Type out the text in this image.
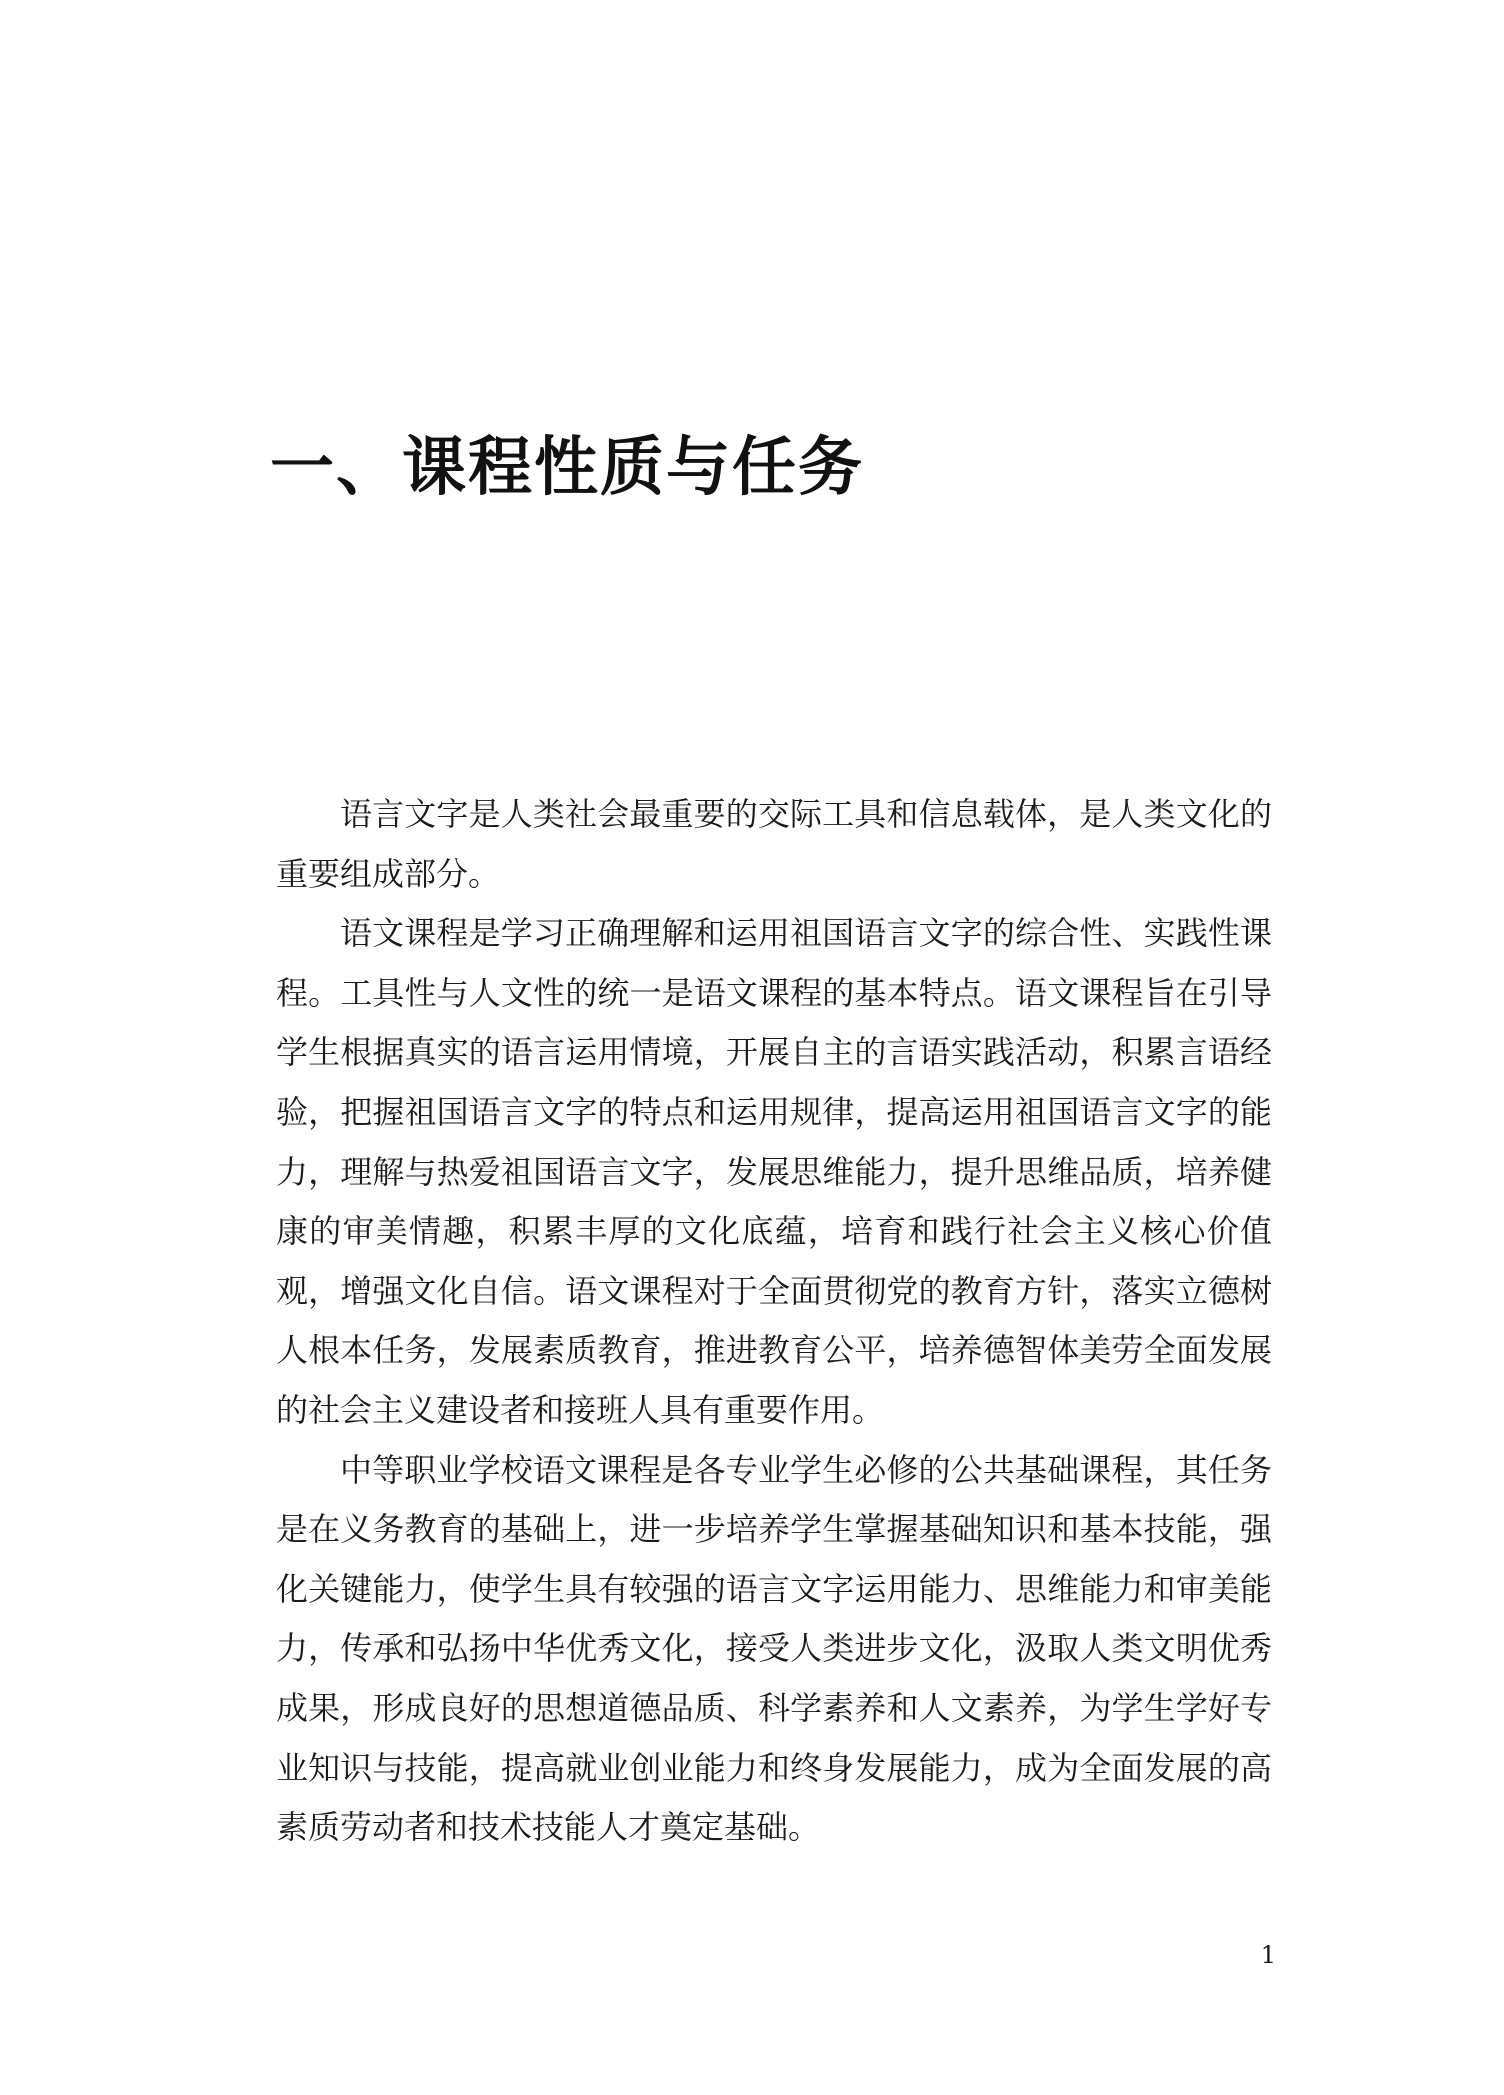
一、课程性质与任务

语言文字是人类社会最重要的交际工具和信息载体，是人类文化的重要组成部分。

语文课程是学习正确理解和运用祖国语言文字的综合性、实践性课程。工具性与人文性的统一是语文课程的基本特点。语文课程旨在引导学生根据真实的语言运用情境，开展自主的言语实践活动，积累言语经验，把握祖国语言文字的特点和运用规律，提高运用祖国语言文字的能力，理解与热爱祖国语言文字，发展思维能力，提升思维品质，培养健康的审美情趣，积累丰厚的文化底蕴，培育和践行社会主义核心价值观，增强文化自信。语文课程对于全面贯彻党的教育方针，落实立德树人根本任务，发展素质教育，推进教育公平，培养德智体美劳全面发展的社会主义建设者和接班人具有重要作用。

中等职业学校语文课程是各专业学生必修的公共基础课程，其任务是在义务教育的基础上，进一步培养学生掌握基础知识和基本技能，强化关键能力，使学生具有较强的语言文字运用能力、思维能力和审美能力，传承和弘扬中华优秀文化，接受人类进步文化，汲取人类文明优秀成果，形成良好的思想道德品质、科学素养和人文素养，为学生学好专业知识与技能，提高就业创业能力和终身发展能力，成为全面发展的高素质劳动者和技术技能人才奠定基础。

1
